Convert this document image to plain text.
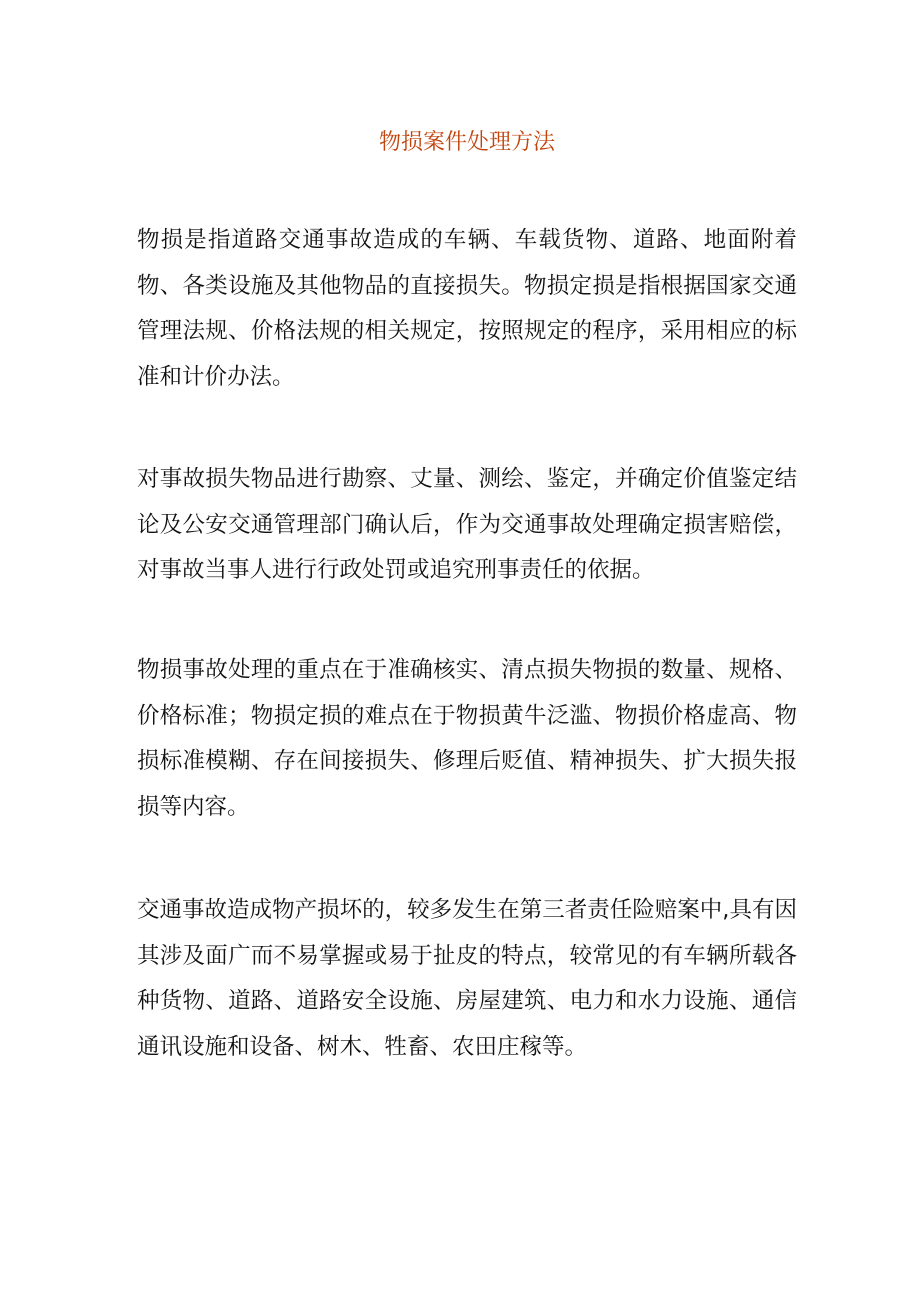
物损案件处理方法

物损是指道路交通事故造成的车辆、车载货物、道路、地面附着物、各类设施及其他物品的直接损失。物损定损是指根据国家交通管理法规、价格法规的相关规定，按照规定的程序，采用相应的标准和计价办法。

对事故损失物品进行勘察、丈量、测绘、鉴定，并确定价值鉴定结论及公安交通管理部门确认后，作为交通事故处理确定损害赔偿，对事故当事人进行行政处罚或追究刑事责任的依据。

物损事故处理的重点在于准确核实、清点损失物损的数量、规格、价格标准；物损定损的难点在于物损黄牛泛滥、物损价格虚高、物损标准模糊、存在间接损失、修理后贬值、精神损失、扩大损失报损等内容。

交通事故造成物产损坏的，较多发生在第三者责任险赔案中,具有因其涉及面广而不易掌握或易于扯皮的特点，较常见的有车辆所载各种货物、道路、道路安全设施、房屋建筑、电力和水力设施、通信通讯设施和设备、树木、牲畜、农田庄稼等。
